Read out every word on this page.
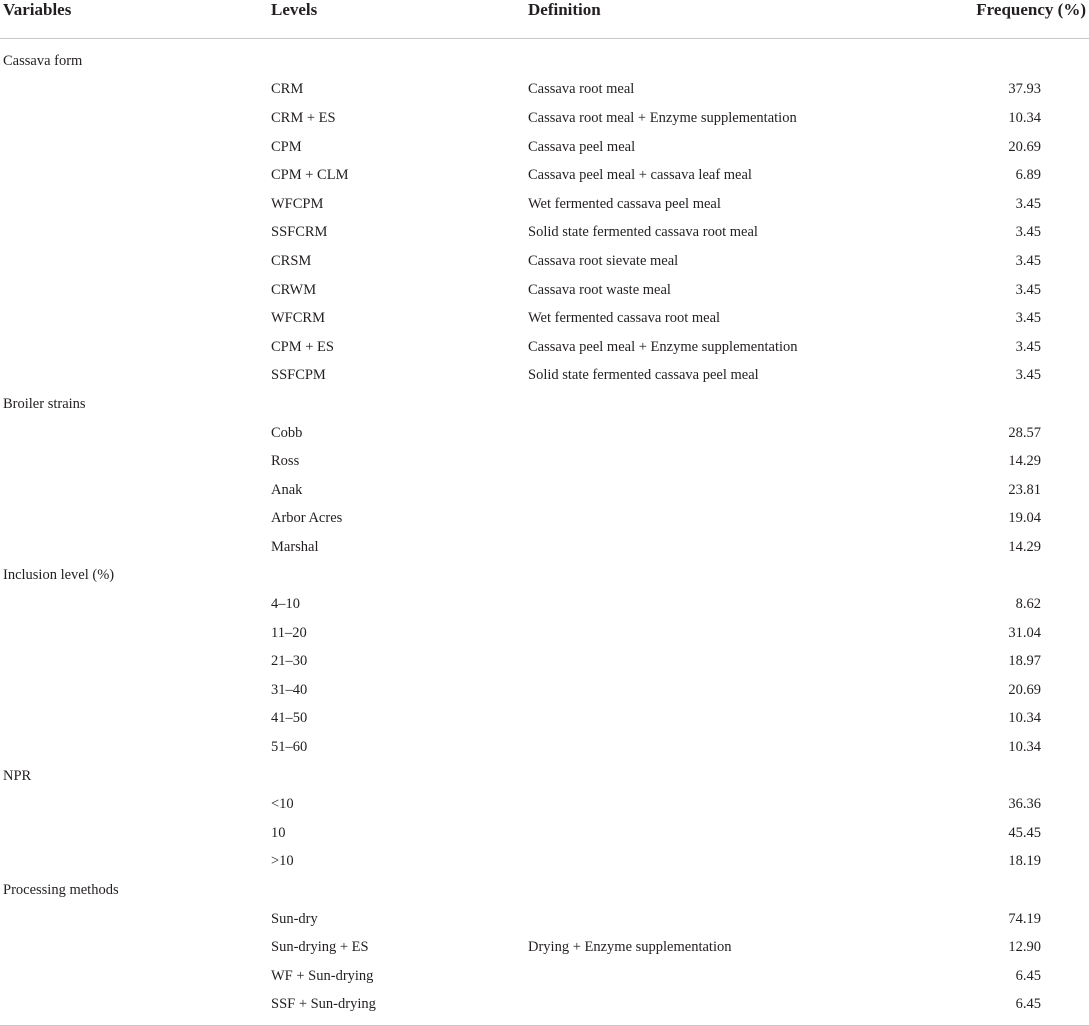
Variables	Levels	Definition	Frequency (%)
Cassava form			
	CRM	Cassava root meal	37.93
	CRM + ES	Cassava root meal + Enzyme supplementation	10.34
	CPM	Cassava peel meal	20.69
	CPM + CLM	Cassava peel meal + cassava leaf meal	6.89
	WFCPM	Wet fermented cassava peel meal	3.45
	SSFCRM	Solid state fermented cassava root meal	3.45
	CRSM	Cassava root sievate meal	3.45
	CRWM	Cassava root waste meal	3.45
	WFCRM	Wet fermented cassava root meal	3.45
	CPM + ES	Cassava peel meal + Enzyme supplementation	3.45
	SSFCPM	Solid state fermented cassava peel meal	3.45
Broiler strains			
	Cobb		28.57
	Ross		14.29
	Anak		23.81
	Arbor Acres		19.04
	Marshal		14.29
Inclusion level (%)			
	4–10		8.62
	11–20		31.04
	21–30		18.97
	31–40		20.69
	41–50		10.34
	51–60		10.34
NPR			
	<10		36.36
	10		45.45
	>10		18.19
Processing methods			
	Sun-dry		74.19
	Sun-drying + ES	Drying + Enzyme supplementation	12.90
	WF + Sun-drying		6.45
	SSF + Sun-drying		6.45
